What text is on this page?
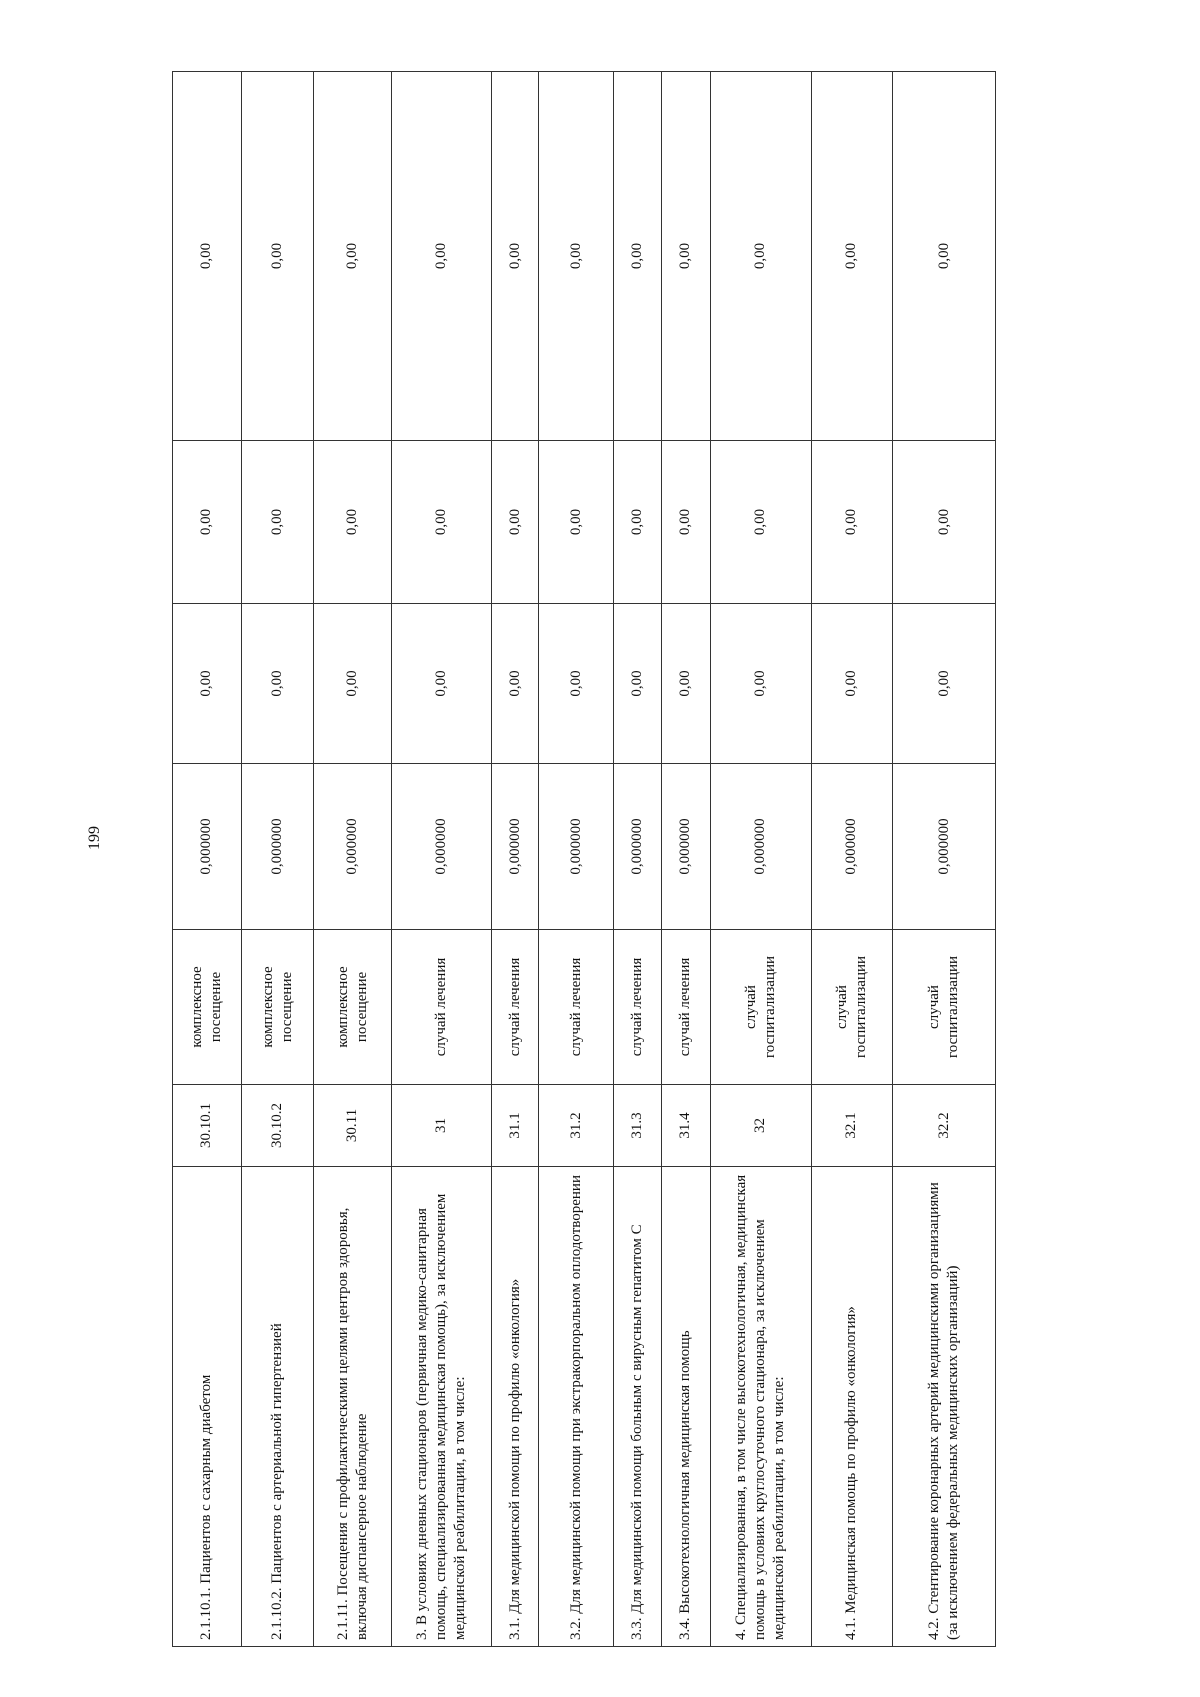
199
2.1.10.1. Пациентов с сахарным диабетом	30.10.1	комплексное посещение	0,000000	0,00	0,00	0,00
2.1.10.2. Пациентов с артериальной гипертензией	30.10.2	комплексное посещение	0,000000	0,00	0,00	0,00
2.1.11. Посещения с профилактическими целями центров здоровья, включая диспансерное наблюдение	30.11	комплексное посещение	0,000000	0,00	0,00	0,00
3. В условиях дневных стационаров (первичная медико-санитарная помощь, специализированная медицинская помощь), за исключением медицинской реабилитации, в том числе:	31	случай лечения	0,000000	0,00	0,00	0,00
3.1. Для медицинской помощи по профилю «онкология»	31.1	случай лечения	0,000000	0,00	0,00	0,00
3.2. Для медицинской помощи при экстракорпоральном оплодотворении	31.2	случай лечения	0,000000	0,00	0,00	0,00
3.3. Для медицинской помощи больным с вирусным гепатитом С	31.3	случай лечения	0,000000	0,00	0,00	0,00
3.4. Высокотехнологичная медицинская помощь	31.4	случай лечения	0,000000	0,00	0,00	0,00
4. Специализированная, в том числе высокотехнологичная, медицинская помощь в условиях круглосуточного стационара, за исключением медицинской реабилитации, в том числе:	32	случай госпитализации	0,000000	0,00	0,00	0,00
4.1. Медицинская помощь по профилю «онкология»	32.1	случай госпитализации	0,000000	0,00	0,00	0,00
4.2. Стентирование коронарных артерий медицинскими организациями (за исключением федеральных медицинских организаций)	32.2	случай госпитализации	0,000000	0,00	0,00	0,00
